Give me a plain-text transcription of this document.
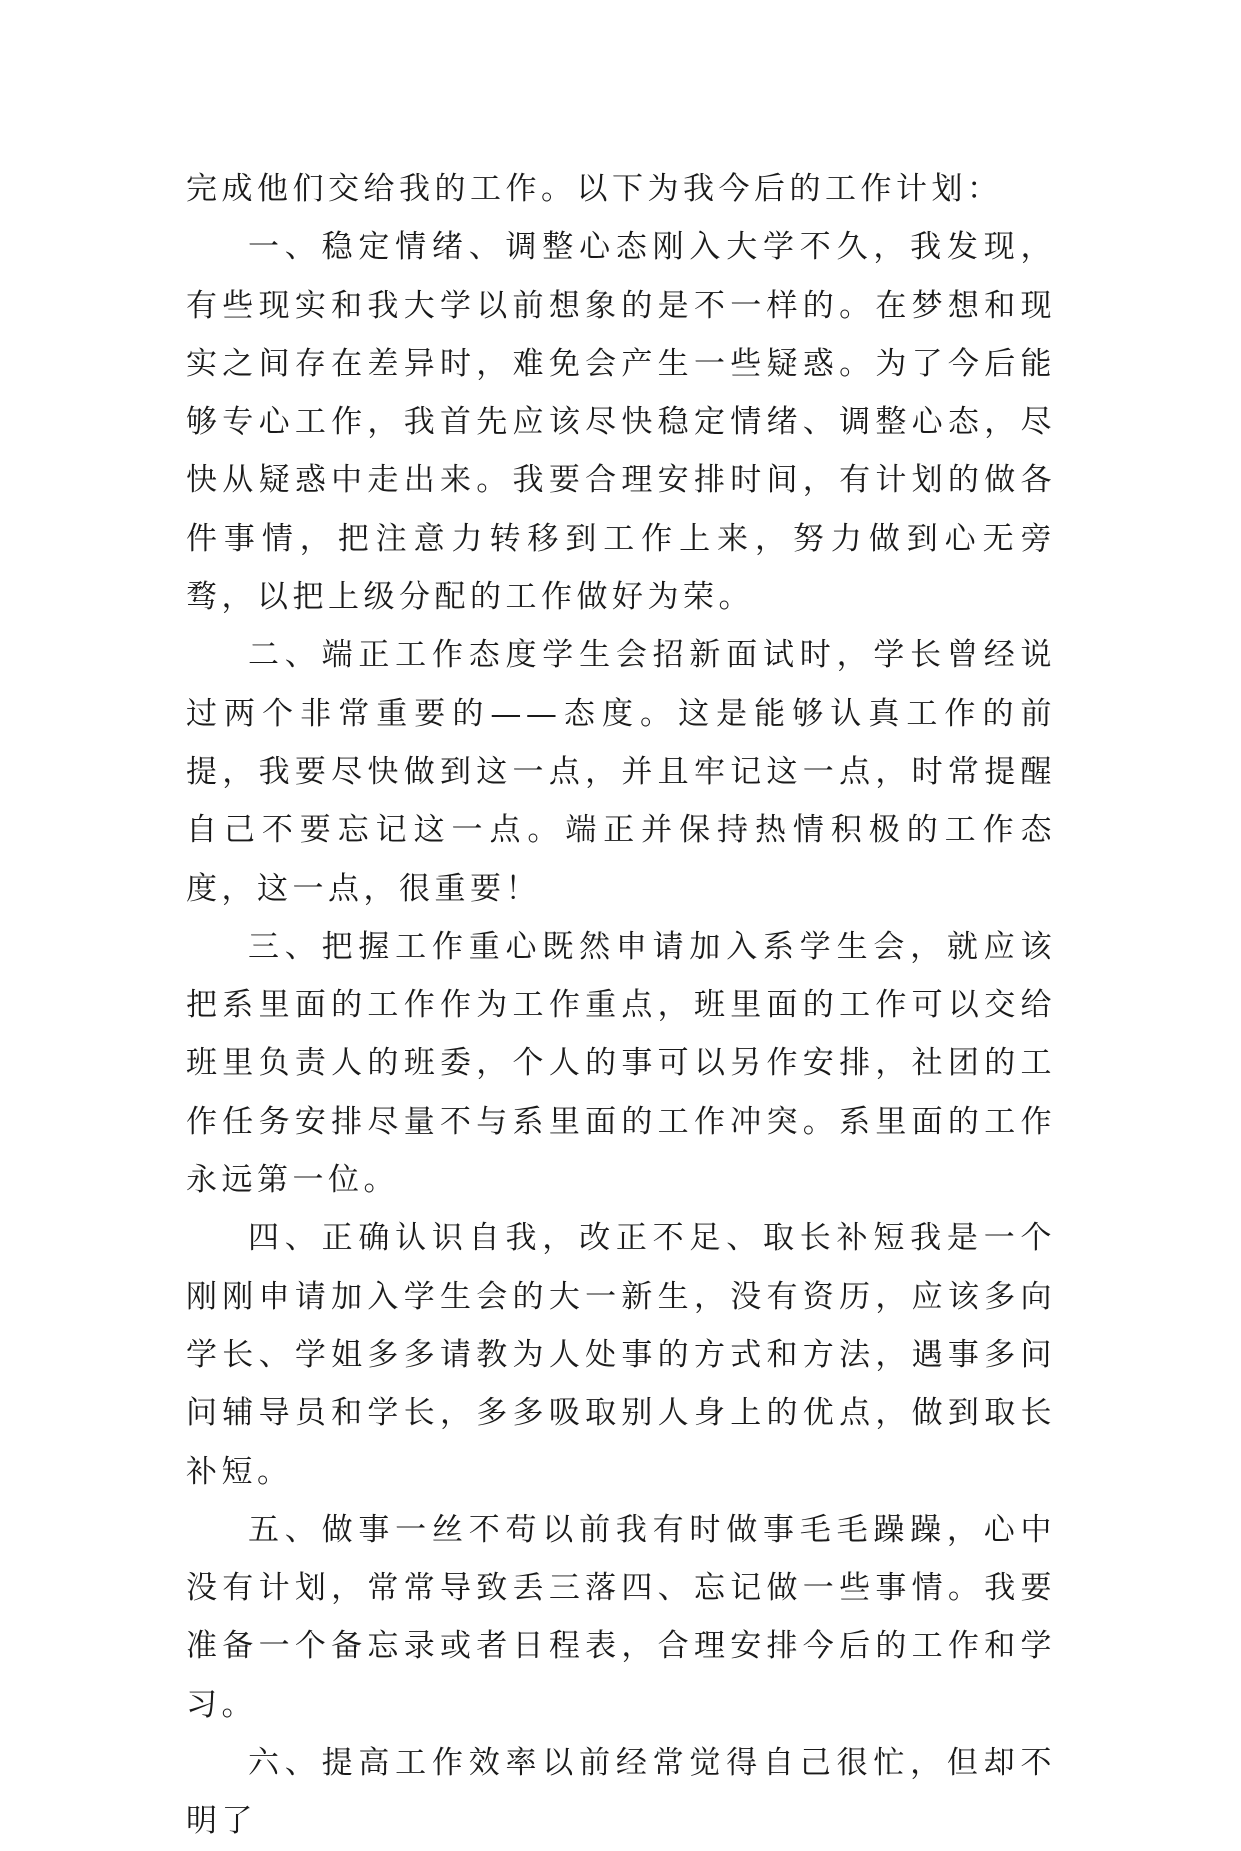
完成他们交给我的工作。以下为我今后的工作计划：

一、稳定情绪、调整心态刚入大学不久，我发现，有些现实和我大学以前想象的是不一样的。在梦想和现实之间存在差异时，难免会产生一些疑惑。为了今后能够专心工作，我首先应该尽快稳定情绪、调整心态，尽快从疑惑中走出来。我要合理安排时间，有计划的做各件事情，把注意力转移到工作上来，努力做到心无旁骛，以把上级分配的工作做好为荣。

二、端正工作态度学生会招新面试时，学长曾经说过两个非常重要的——态度。这是能够认真工作的前提，我要尽快做到这一点，并且牢记这一点，时常提醒自己不要忘记这一点。端正并保持热情积极的工作态度，这一点，很重要！

三、把握工作重心既然申请加入系学生会，就应该把系里面的工作作为工作重点，班里面的工作可以交给班里负责人的班委，个人的事可以另作安排，社团的工作任务安排尽量不与系里面的工作冲突。系里面的工作永远第一位。

四、正确认识自我，改正不足、取长补短我是一个刚刚申请加入学生会的大一新生，没有资历，应该多向学长、学姐多多请教为人处事的方式和方法，遇事多问问辅导员和学长，多多吸取别人身上的优点，做到取长补短。

五、做事一丝不苟以前我有时做事毛毛躁躁，心中没有计划，常常导致丢三落四、忘记做一些事情。我要准备一个备忘录或者日程表，合理安排今后的工作和学习。

六、提高工作效率以前经常觉得自己很忙，但却不明了
